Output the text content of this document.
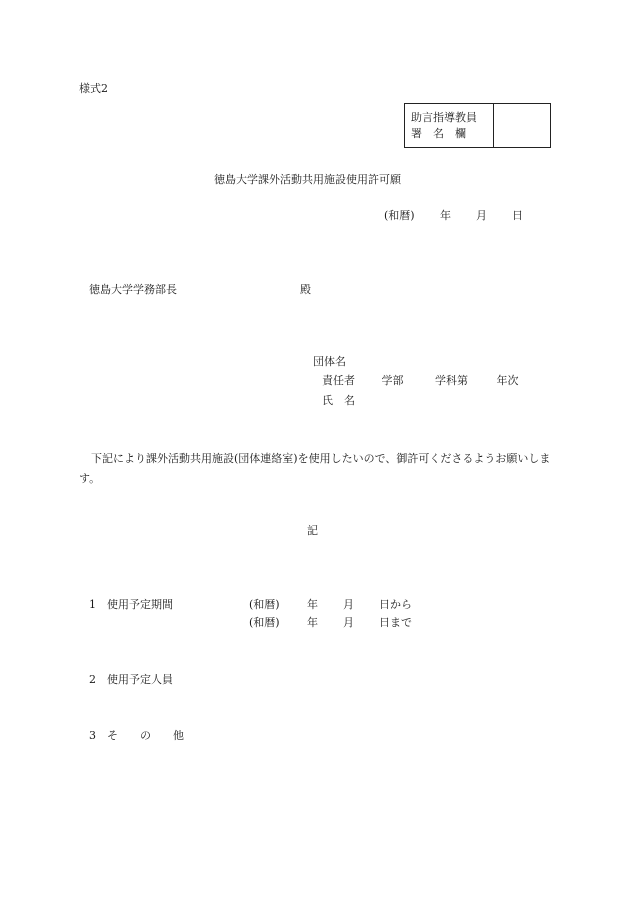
様式2
助言指導教員
署　名　欄
徳島大学課外活動共用施設使用許可願
(和暦)	年	月	日
徳島大学学務部長	殿
団体名
責任者 学部	学科第	年次
氏　名
下記により課外活動共用施設(団体連絡室)を使用したいので、御許可くださるようお願いします。
記
1　使用予定期間	(和暦)	年	月	日から
(和暦)	年	月	日まで
2　使用予定人員
3　そ　　の　　他
